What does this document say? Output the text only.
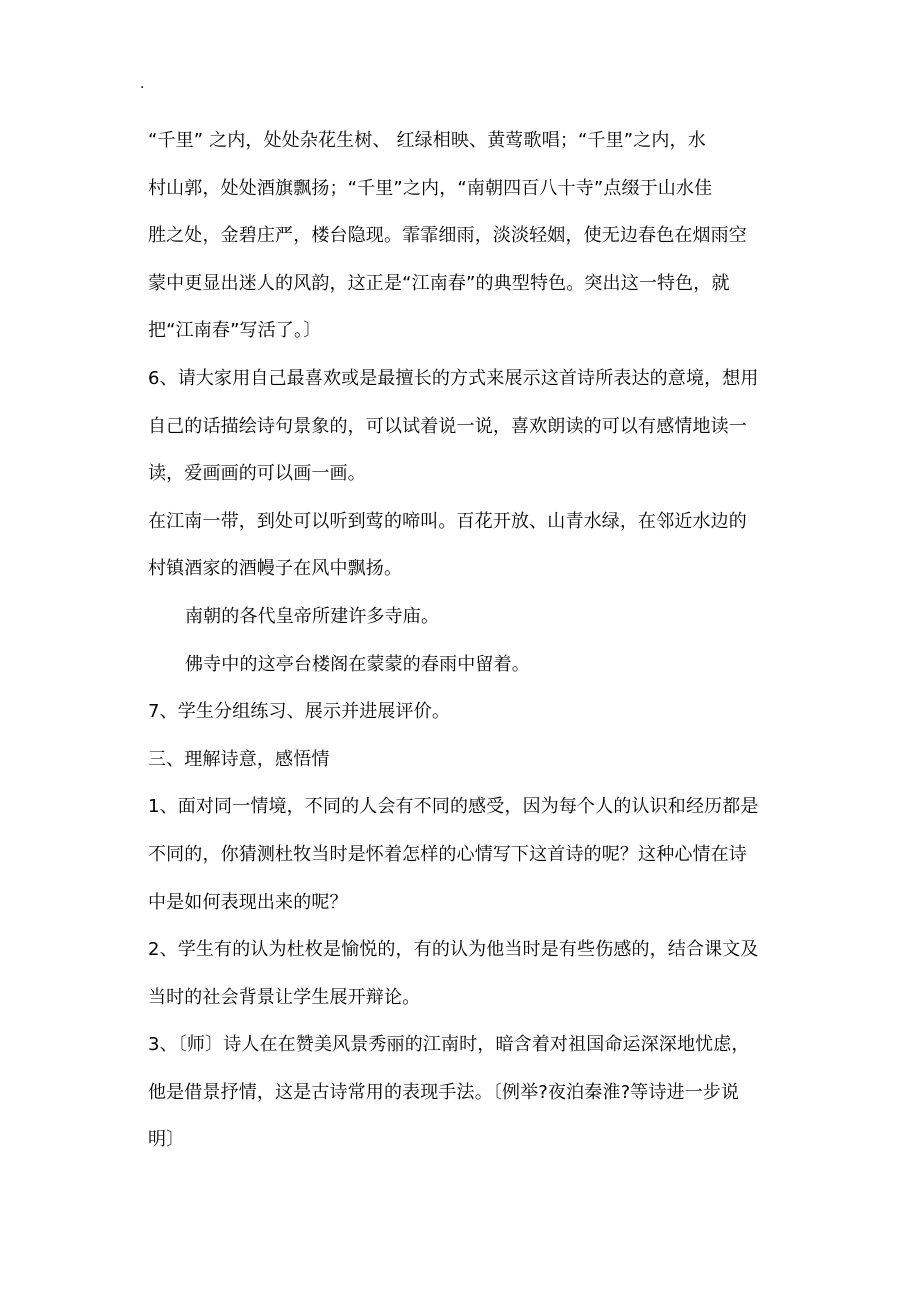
.

“千里” 之内，处处杂花生树、 红绿相映、黄莺歌唱；“千里”之内，水

村山郭，处处酒旗飘扬；“千里”之内，“南朝四百八十寺”点缀于山水佳

胜之处，金碧庄严，楼台隐现。霏霏细雨，淡淡轻姻，使无边春色在烟雨空

蒙中更显出迷人的风韵，这正是“江南春”的典型特色。突出这一特色，就

把“江南春”写活了。〕

6、请大家用自己最喜欢或是最擅长的方式来展示这首诗所表达的意境，想用

自己的话描绘诗句景象的，可以试着说一说，喜欢朗读的可以有感情地读一

读，爱画画的可以画一画。

在江南一带，到处可以听到莺的啼叫。百花开放、山青水绿，在邻近水边的

村镇酒家的酒幔子在风中飘扬。

南朝的各代皇帝所建许多寺庙。

佛寺中的这亭台楼阁在蒙蒙的春雨中留着。

7、学生分组练习、展示并进展评价。

三、理解诗意，感悟情

1、面对同一情境，不同的人会有不同的感受，因为每个人的认识和经历都是

不同的，你猜测杜牧当时是怀着怎样的心情写下这首诗的呢？这种心情在诗

中是如何表现出来的呢？

2、学生有的认为杜枚是愉悦的，有的认为他当时是有些伤感的，结合课文及

当时的社会背景让学生展开辩论。

3、〔师〕诗人在在赞美风景秀丽的江南时，暗含着对祖国命运深深地忧虑，

他是借景抒情，这是古诗常用的表现手法。〔例举?夜泊秦淮?等诗进一步说

明〕
